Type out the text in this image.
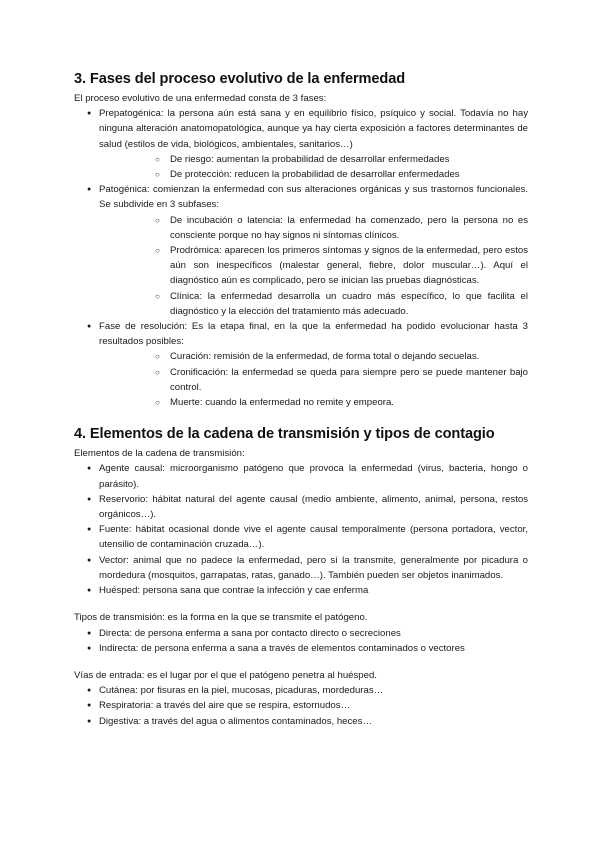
3. Fases del proceso evolutivo de la enfermedad

El proceso evolutivo de una enfermedad consta de 3 fases:

● Prepatogénica: la persona aún está sana y en equilibrio físico, psíquico y social. Todavía no hay ninguna alteración anatomopatológica, aunque ya hay cierta exposición a factores determinantes de salud (estilos de vida, biológicos, ambientales, sanitarios…)
○ De riesgo: aumentan la probabilidad de desarrollar enfermedades
○ De protección: reducen la probabilidad de desarrollar enfermedades
● Patogénica: comienzan la enfermedad con sus alteraciones orgánicas y sus trastornos funcionales. Se subdivide en 3 subfases:
○ De incubación o latencia: la enfermedad ha comenzado, pero la persona no es consciente porque no hay signos ni síntomas clínicos.
○ Prodrómica: aparecen los primeros síntomas y signos de la enfermedad, pero estos aún son inespecíficos (malestar general, fiebre, dolor muscular…). Aquí el diagnóstico aún es complicado, pero se inician las pruebas diagnósticas.
○ Clínica: la enfermedad desarrolla un cuadro más específico, lo que facilita el diagnóstico y la elección del tratamiento más adecuado.
● Fase de resolución: Es la etapa final, en la que la enfermedad ha podido evolucionar hasta 3 resultados posibles:
○ Curación: remisión de la enfermedad, de forma total o dejando secuelas.
○ Cronificación: la enfermedad se queda para siempre pero se puede mantener bajo control.
○ Muerte: cuando la enfermedad no remite y empeora.
4. Elementos de la cadena de transmisión y tipos de contagio

Elementos de la cadena de transmisión:

● Agente causal: microorganismo patógeno que provoca la enfermedad (virus, bacteria, hongo o parásito).
● Reservorio: hábitat natural del agente causal (medio ambiente, alimento, animal, persona, restos orgánicos…).
● Fuente: hábitat ocasional donde vive el agente causal temporalmente (persona portadora, vector, utensilio de contaminación cruzada…).
● Vector: animal que no padece la enfermedad, pero sí la transmite, generalmente por picadura o mordedura (mosquitos, garrapatas, ratas, ganado…). También pueden ser objetos inanimados.
● Huésped: persona sana que contrae la infección y cae enferma

Tipos de transmisión: es la forma en la que se transmite el patógeno.

● Directa: de persona enferma a sana por contacto directo o secreciones
● Indirecta: de persona enferma a sana a través de elementos contaminados o vectores

Vías de entrada: es el lugar por el que el patógeno penetra al huésped.

● Cutánea: por fisuras en la piel, mucosas, picaduras, mordeduras…
● Respiratoria: a través del aire que se respira, estornudos…
● Digestiva: a través del agua o alimentos contaminados, heces…
